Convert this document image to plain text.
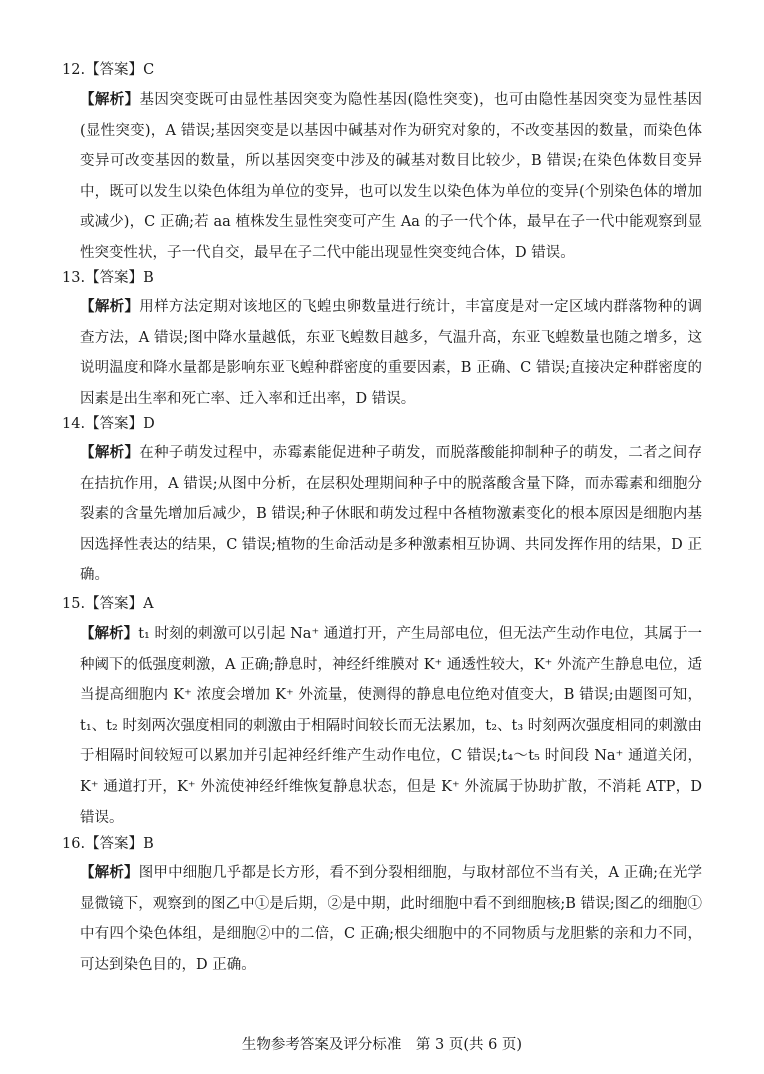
12.【答案】C
【解析】基因突变既可由显性基因突变为隐性基因(隐性突变)，也可由隐性基因突变为显性基因(显性突变)，A 错误;基因突变是以基因中碱基对作为研究对象的，不改变基因的数量，而染色体变异可改变基因的数量，所以基因突变中涉及的碱基对数目比较少，B 错误;在染色体数目变异中，既可以发生以染色体组为单位的变异，也可以发生以染色体为单位的变异(个别染色体的增加或减少)，C 正确;若 aa 植株发生显性突变可产生 Aa 的子一代个体，最早在子一代中能观察到显性突变性状，子一代自交，最早在子二代中能出现显性突变纯合体，D 错误。
13.【答案】B
【解析】用样方法定期对该地区的飞蝗虫卵数量进行统计，丰富度是对一定区域内群落物种的调查方法，A 错误;图中降水量越低，东亚飞蝗数目越多，气温升高，东亚飞蝗数量也随之增多，这说明温度和降水量都是影响东亚飞蝗种群密度的重要因素，B 正确、C 错误;直接决定种群密度的因素是出生率和死亡率、迁入率和迁出率，D 错误。
14.【答案】D
【解析】在种子萌发过程中，赤霉素能促进种子萌发，而脱落酸能抑制种子的萌发，二者之间存在拮抗作用，A 错误;从图中分析，在层积处理期间种子中的脱落酸含量下降，而赤霉素和细胞分裂素的含量先增加后减少，B 错误;种子休眠和萌发过程中各植物激素变化的根本原因是细胞内基因选择性表达的结果，C 错误;植物的生命活动是多种激素相互协调、共同发挥作用的结果，D 正确。
15.【答案】A
【解析】t₁ 时刻的刺激可以引起 Na⁺ 通道打开，产生局部电位，但无法产生动作电位，其属于一种阈下的低强度刺激，A 正确;静息时，神经纤维膜对 K⁺ 通透性较大，K⁺ 外流产生静息电位，适当提高细胞内 K⁺ 浓度会增加 K⁺ 外流量，使测得的静息电位绝对值变大，B 错误;由题图可知，t₁、t₂ 时刻两次强度相同的刺激由于相隔时间较长而无法累加，t₂、t₃ 时刻两次强度相同的刺激由于相隔时间较短可以累加并引起神经纤维产生动作电位，C 错误;t₄～t₅ 时间段 Na⁺ 通道关闭，K⁺ 通道打开，K⁺ 外流使神经纤维恢复静息状态，但是 K⁺ 外流属于协助扩散，不消耗 ATP，D 错误。
16.【答案】B
【解析】图甲中细胞几乎都是长方形，看不到分裂相细胞，与取材部位不当有关，A 正确;在光学显微镜下，观察到的图乙中①是后期，②是中期，此时细胞中看不到细胞核;B 错误;图乙的细胞①中有四个染色体组，是细胞②中的二倍，C 正确;根尖细胞中的不同物质与龙胆紫的亲和力不同，可达到染色目的，D 正确。
生物参考答案及评分标准　第 3 页(共 6 页)
